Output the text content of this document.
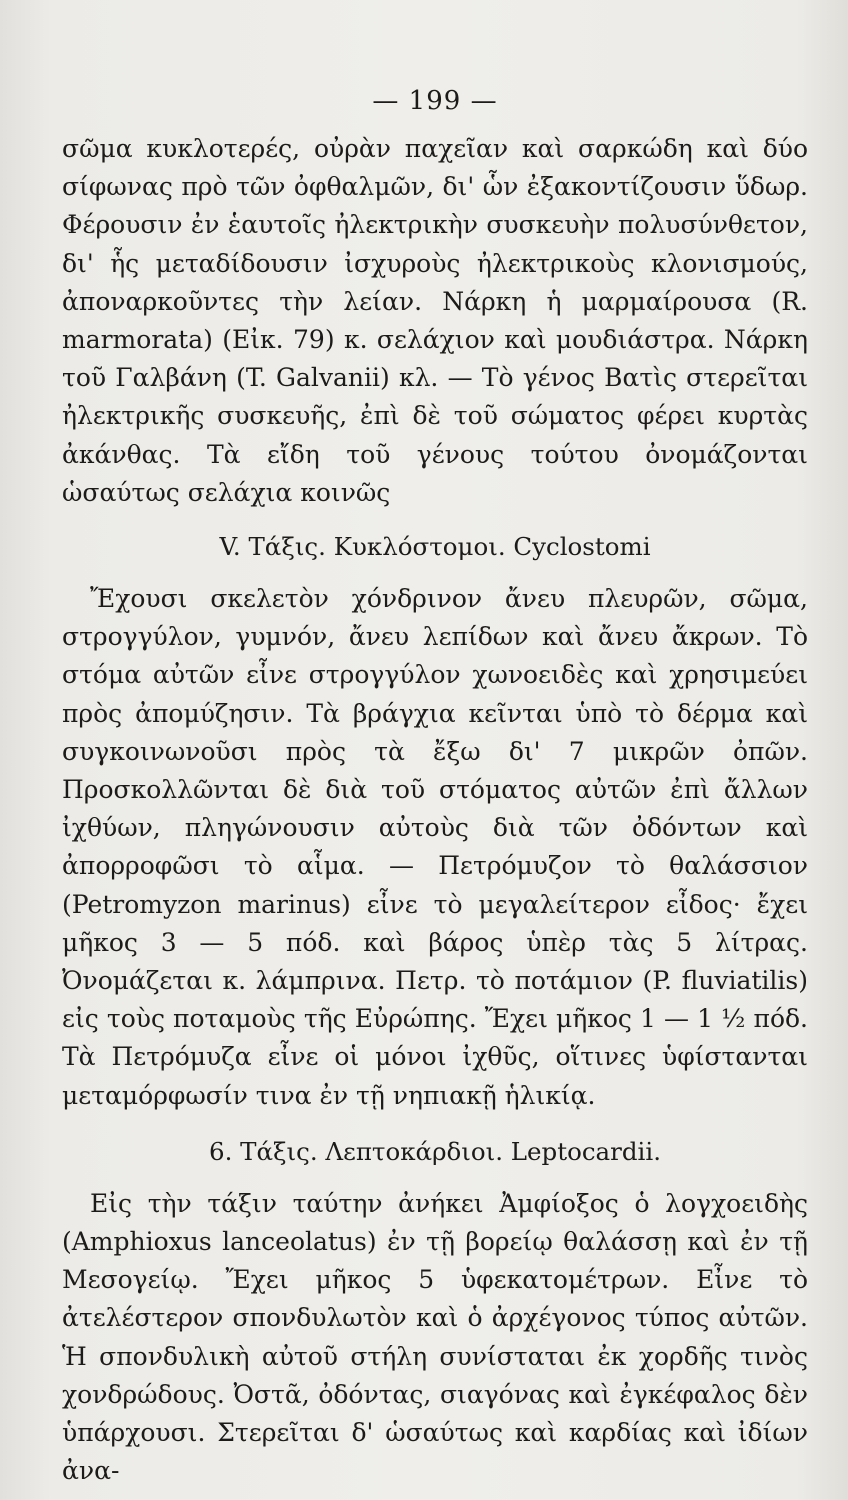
— 199 —

σῶμα κυκλοτερές, οὐρὰν παχεῖαν καὶ σαρκώδη καὶ δύο σίφωνας πρὸ τῶν ὀφθαλμῶν, δι' ὧν ἐξακοντίζουσιν ὕδωρ. Φέρουσιν ἐν ἑαυτοῖς ἠλεκτρικὴν συσκευὴν πολυσύνθετον, δι' ἧς μεταδίδουσιν ἰσχυροὺς ἠλεκτρικοὺς κλονισμούς, ἀποναρκοῦντες τὴν λείαν. Νάρκη ἡ μαρμαίρουσα (R. marmorata) (Εἰκ. 79) κ. σελάχιον καὶ μουδιάστρα. Νάρκη τοῦ Γαλβάνη (T. Galvanii) κλ. — Τὸ γένος Βατὶς στερεῖται ἠλεκτρικῆς συσκευῆς, ἐπὶ δὲ τοῦ σώματος φέρει κυρτὰς ἀκάνθας. Τὰ εἴδη τοῦ γένους τούτου ὀνομάζονται ὡσαύτως σελάχια κοινῶς

V. Τάξις. Κυκλόστομοι. Cyclostomi

Ἔχουσι σκελετὸν χόνδρινον ἄνευ πλευρῶν, σῶμα, στρογγύλον, γυμνόν, ἄνευ λεπίδων καὶ ἄνευ ἄκρων. Τὸ στόμα αὐτῶν εἶνε στρογγύλον χωνοειδὲς καὶ χρησιμεύει πρὸς ἀπομύζησιν. Τὰ βράγχια κεῖνται ὑπὸ τὸ δέρμα καὶ συγκοινωνοῦσι πρὸς τὰ ἔξω δι' 7 μικρῶν ὀπῶν. Προσκολλῶνται δὲ διὰ τοῦ στόματος αὐτῶν ἐπὶ ἄλλων ἰχθύων, πληγώνουσιν αὐτοὺς διὰ τῶν ὀδόντων καὶ ἀπορροφῶσι τὸ αἷμα. — Πετρόμυζον τὸ θαλάσσιον (Petromyzon marinus) εἶνε τὸ μεγαλείτερον εἶδος· ἔχει μῆκος 3 — 5 πόδ. καὶ βάρος ὑπὲρ τὰς 5 λίτρας. Ὀνομάζεται κ. λάμπρινα. Πετρ. τὸ ποτάμιον (P. fluviatilis) εἰς τοὺς ποταμοὺς τῆς Εὐρώπης. Ἔχει μῆκος 1 — 1 ½ πόδ. Τὰ Πετρόμυζα εἶνε οἱ μόνοι ἰχθῦς, οἵτινες ὑφίστανται μεταμόρφωσίν τινα ἐν τῇ νηπιακῇ ἡλικίᾳ.

6. Τάξις. Λεπτοκάρδιοι. Leptocardii.

Εἰς τὴν τάξιν ταύτην ἀνήκει Ἀμφίοξος ὁ λογχοειδὴς (Amphioxus lanceolatus) ἐν τῇ βορείῳ θαλάσσῃ καὶ ἐν τῇ Μεσογείῳ. Ἔχει μῆκος 5 ὑφεκατομέτρων. Εἶνε τὸ ἀτελέστερον σπονδυλωτὸν καὶ ὁ ἀρχέγονος τύπος αὐτῶν. Ἡ σπονδυλικὴ αὐτοῦ στήλη συνίσταται ἐκ χορδῆς τινὸς χονδρώδους. Ὀστᾶ, ὀδόντας, σιαγόνας καὶ ἐγκέφαλος δὲν ὑπάρχουσι. Στερεῖται δ' ὡσαύτως καὶ καρδίας καὶ ἰδίων ἀνα-
